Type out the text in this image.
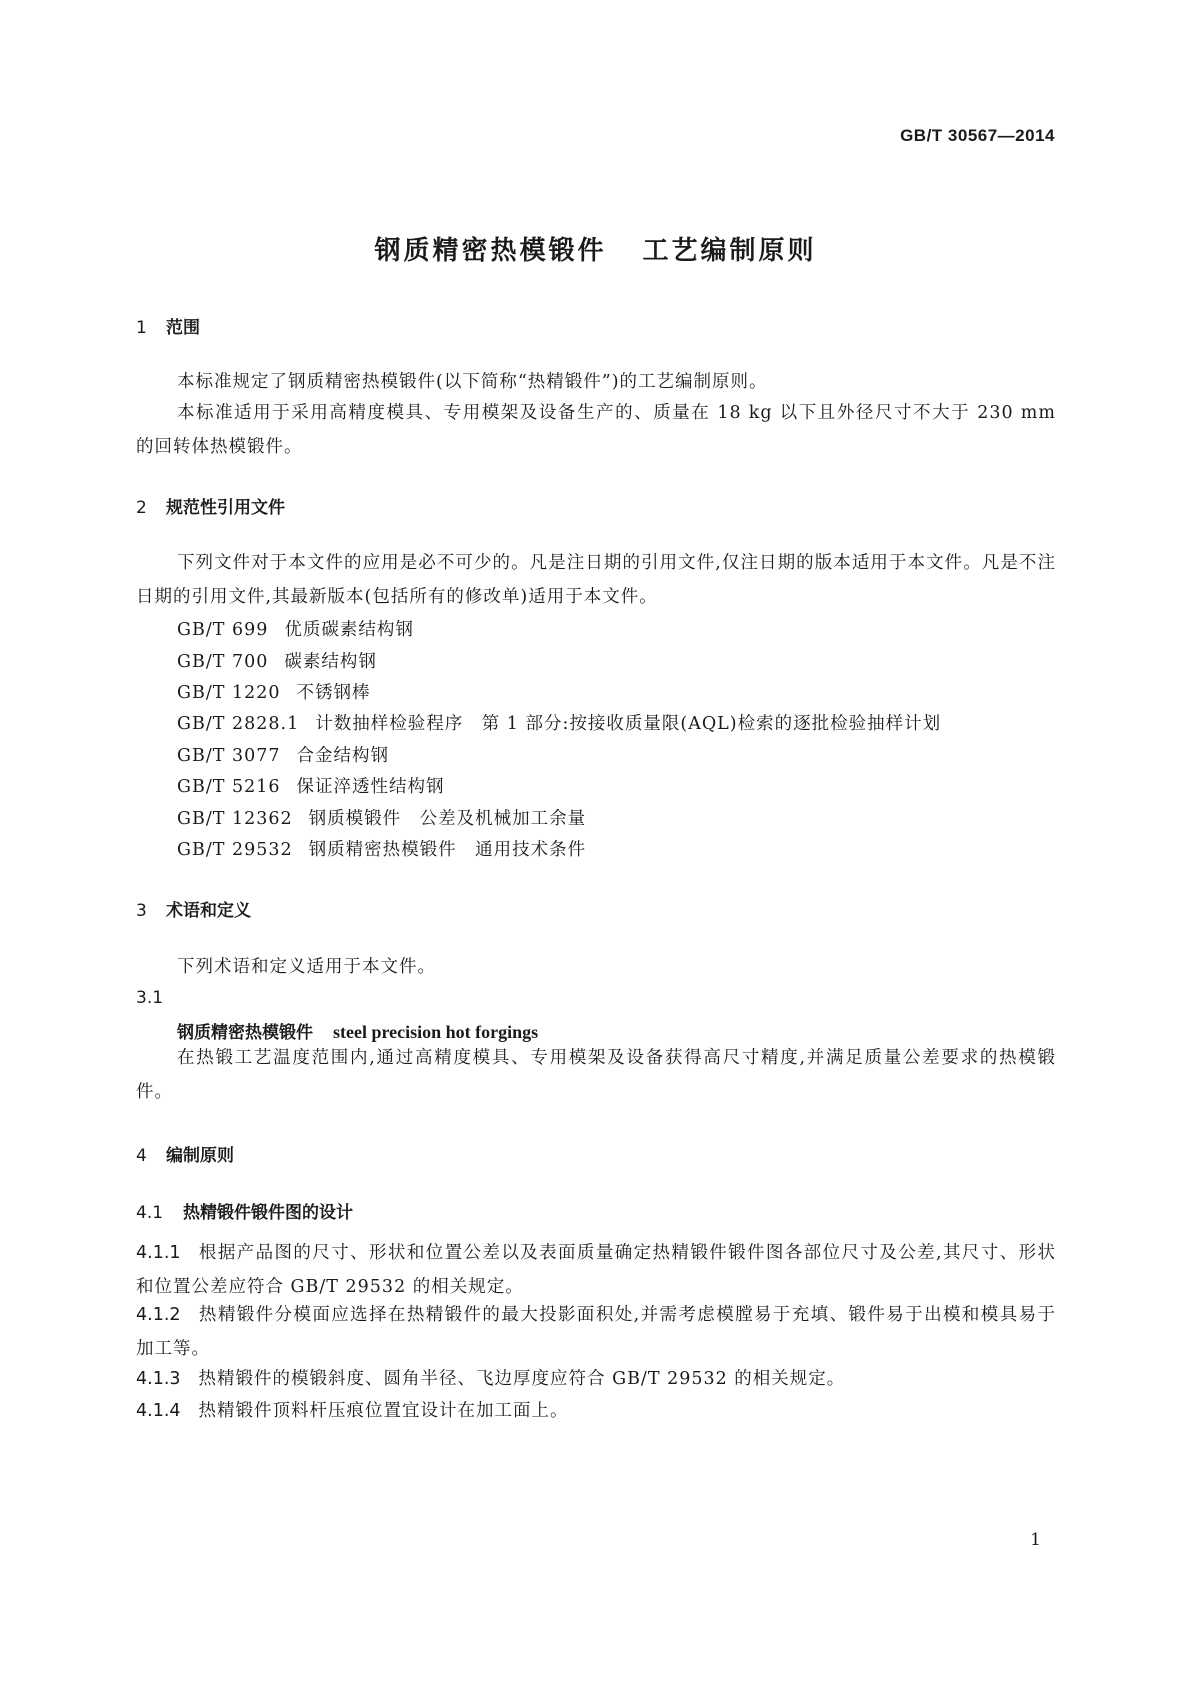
GB/T 30567—2014
钢质精密热模锻件 工艺编制原则
1 范围
本标准规定了钢质精密热模锻件(以下简称“热精锻件”)的工艺编制原则。
本标准适用于采用高精度模具、专用模架及设备生产的、质量在 18 kg 以下且外径尺寸不大于 230 mm 的回转体热模锻件。
2 规范性引用文件
下列文件对于本文件的应用是必不可少的。凡是注日期的引用文件,仅注日期的版本适用于本文件。凡是不注日期的引用文件,其最新版本(包括所有的修改单)适用于本文件。
GB/T 699 优质碳素结构钢
GB/T 700 碳素结构钢
GB/T 1220 不锈钢棒
GB/T 2828.1 计数抽样检验程序　第 1 部分:按接收质量限(AQL)检索的逐批检验抽样计划
GB/T 3077 合金结构钢
GB/T 5216 保证淬透性结构钢
GB/T 12362 钢质模锻件　公差及机械加工余量
GB/T 29532 钢质精密热模锻件　通用技术条件
3 术语和定义
下列术语和定义适用于本文件。
3.1
钢质精密热模锻件 steel precision hot forgings
在热锻工艺温度范围内,通过高精度模具、专用模架及设备获得高尺寸精度,并满足质量公差要求的热模锻件。
4 编制原则
4.1 热精锻件锻件图的设计
4.1.1 根据产品图的尺寸、形状和位置公差以及表面质量确定热精锻件锻件图各部位尺寸及公差,其尺寸、形状和位置公差应符合 GB/T 29532 的相关规定。
4.1.2 热精锻件分模面应选择在热精锻件的最大投影面积处,并需考虑模膛易于充填、锻件易于出模和模具易于加工等。
4.1.3 热精锻件的模锻斜度、圆角半径、飞边厚度应符合 GB/T 29532 的相关规定。
4.1.4 热精锻件顶料杆压痕位置宜设计在加工面上。
1
